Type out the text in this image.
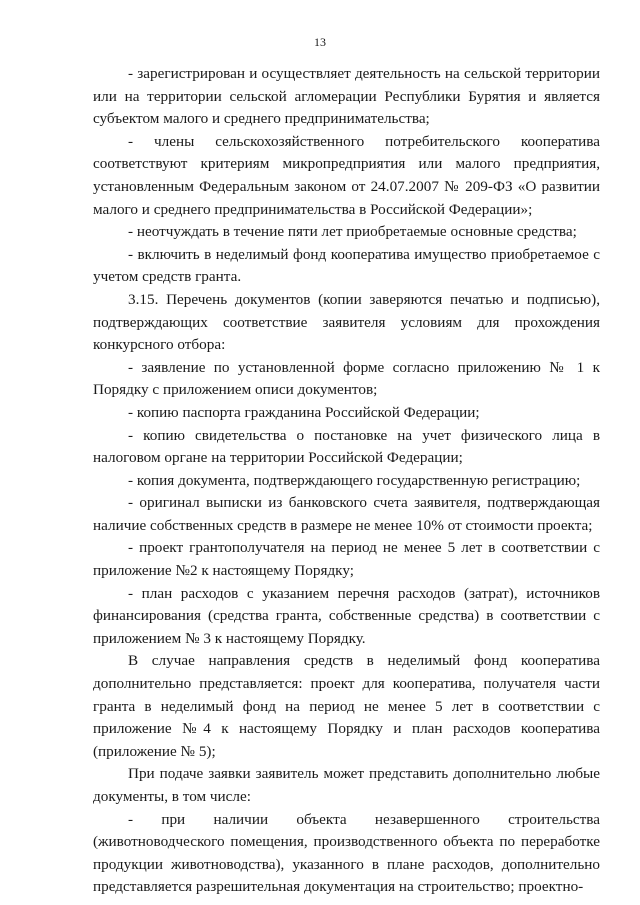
13

- зарегистрирован и осуществляет деятельность на сельской территории или на территории сельской агломерации Республики Бурятия и является субъектом малого и среднего предпринимательства;

- члены сельскохозяйственного потребительского кооператива соответствуют критериям микропредприятия или малого предприятия, установленным Федеральным законом от 24.07.2007 № 209-ФЗ «О развитии малого и среднего предпринимательства в Российской Федерации»;

- неотчуждать в течение пяти лет приобретаемые основные средства;

- включить в неделимый фонд кооператива имущество приобретаемое с учетом средств гранта.

3.15. Перечень документов (копии заверяются печатью и подписью), подтверждающих соответствие заявителя условиям для прохождения конкурсного отбора:

- заявление по установленной форме согласно приложению № 1 к Порядку с приложением описи документов;

- копию паспорта гражданина Российской Федерации;

- копию свидетельства о постановке на учет физического лица в налоговом органе на территории Российской Федерации;

- копия документа, подтверждающего государственную регистрацию;

- оригинал выписки из банковского счета заявителя, подтверждающая наличие собственных средств в размере не менее 10% от стоимости проекта;

- проект грантополучателя на период не менее 5 лет в соответствии с приложение №2 к настоящему Порядку;

- план расходов с указанием перечня расходов (затрат), источников финансирования (средства гранта, собственные средства) в соответствии с приложением № 3 к настоящему Порядку.

В случае направления средств в неделимый фонд кооператива дополнительно представляется: проект для кооператива, получателя части гранта в неделимый фонд на период не менее 5 лет в соответствии с приложение №4 к настоящему Порядку и план расходов кооператива (приложение № 5);

При подаче заявки заявитель может представить дополнительно любые документы, в том числе:

- при наличии объекта незавершенного строительства (животноводческого помещения, производственного объекта по переработке продукции животноводства), указанного в плане расходов, дополнительно представляется разрешительная документация на строительство; проектно-
